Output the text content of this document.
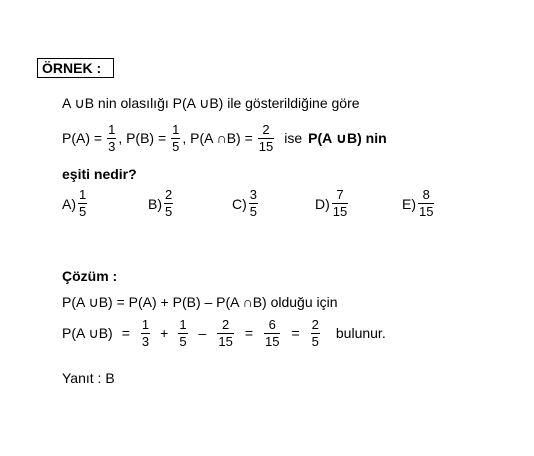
ÖRNEK :
A ∪B nin olasılığı P(A ∪B) ile gösterildiğine göre
$P(A) = \frac{1}{3}$ , $P(B) = \frac{1}{5}$ , P(A ∩B) = $\frac{2}{15}$ ise P(A ∪B) nin
eşiti nedir?
$A) \frac{1}{5}$	$B) \frac{2}{5}$	$C) \frac{3}{5}$	$D) \frac{7}{15}$	$E) \frac{8}{15}$
Çözüm :
P(A ∪B) = P(A) + P(B) – P(A ∩B) olduğu için
P(A ∪B) = $\frac{1}{3} + \frac{1}{5} - \frac{2}{15} = \frac{6}{15} = \frac{2}{5}$ bulunur.
Yanıt : B
